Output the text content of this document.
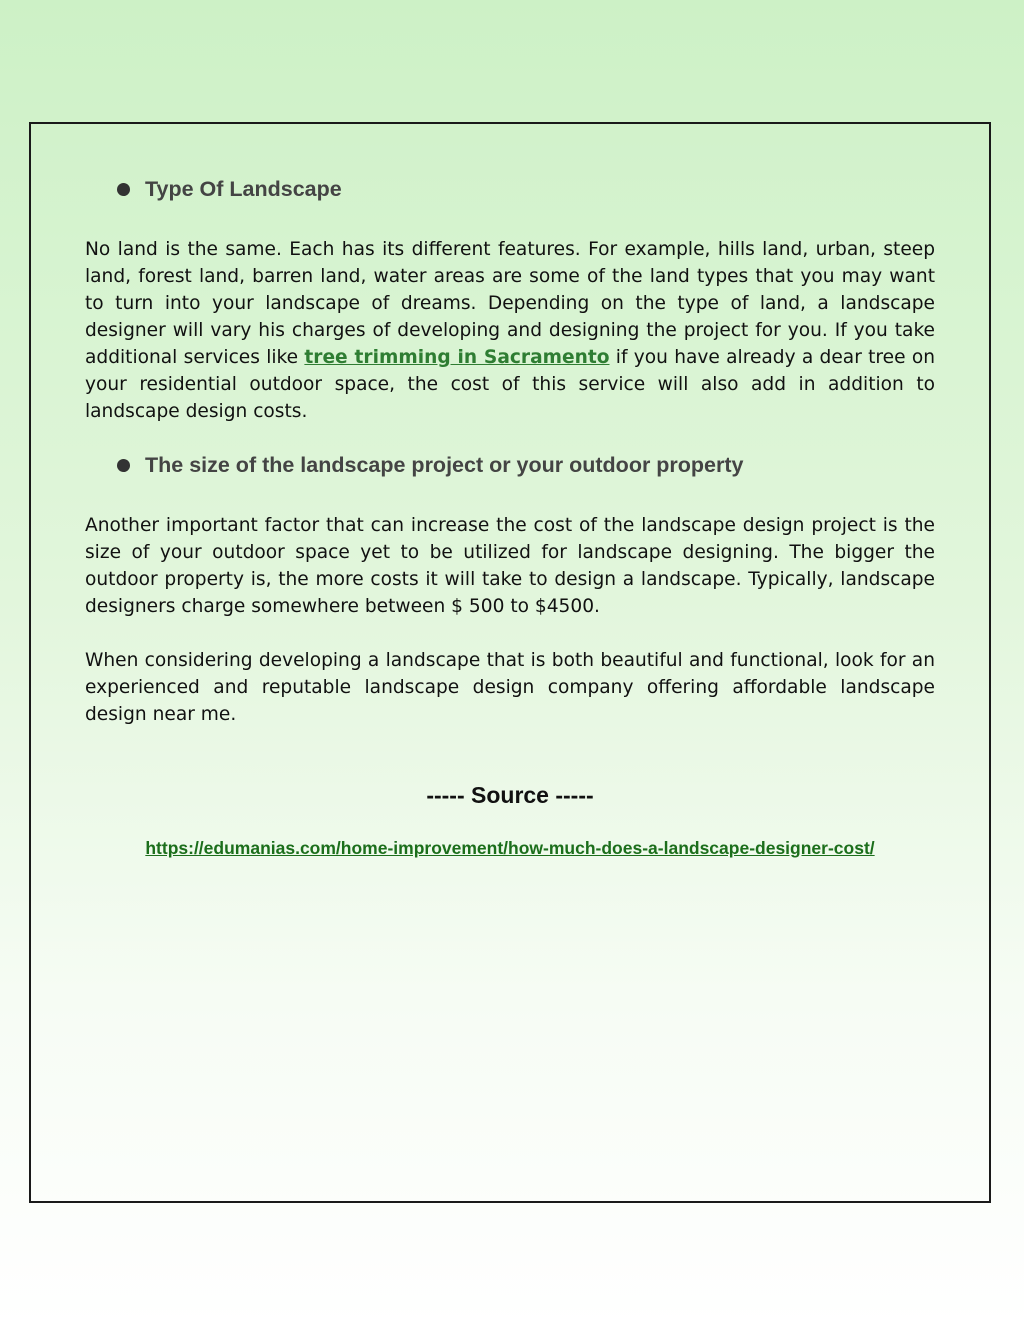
Type Of Landscape

No land is the same. Each has its different features. For example, hills land, urban, steep land, forest land, barren land, water areas are some of the land types that you may want to turn into your landscape of dreams. Depending on the type of land, a landscape designer will vary his charges of developing and designing the project for you. If you take additional services like tree trimming in Sacramento if you have already a dear tree on your residential outdoor space, the cost of this service will also add in addition to landscape design costs.

The size of the landscape project or your outdoor property

Another important factor that can increase the cost of the landscape design project is the size of your outdoor space yet to be utilized for landscape designing. The bigger the outdoor property is, the more costs it will take to design a landscape. Typically, landscape designers charge somewhere between $ 500 to $4500.

When considering developing a landscape that is both beautiful and functional, look for an experienced and reputable landscape design company offering affordable landscape design near me.

----- Source -----
https://edumanias.com/home-improvement/how-much-does-a-landscape-designer-cost/
